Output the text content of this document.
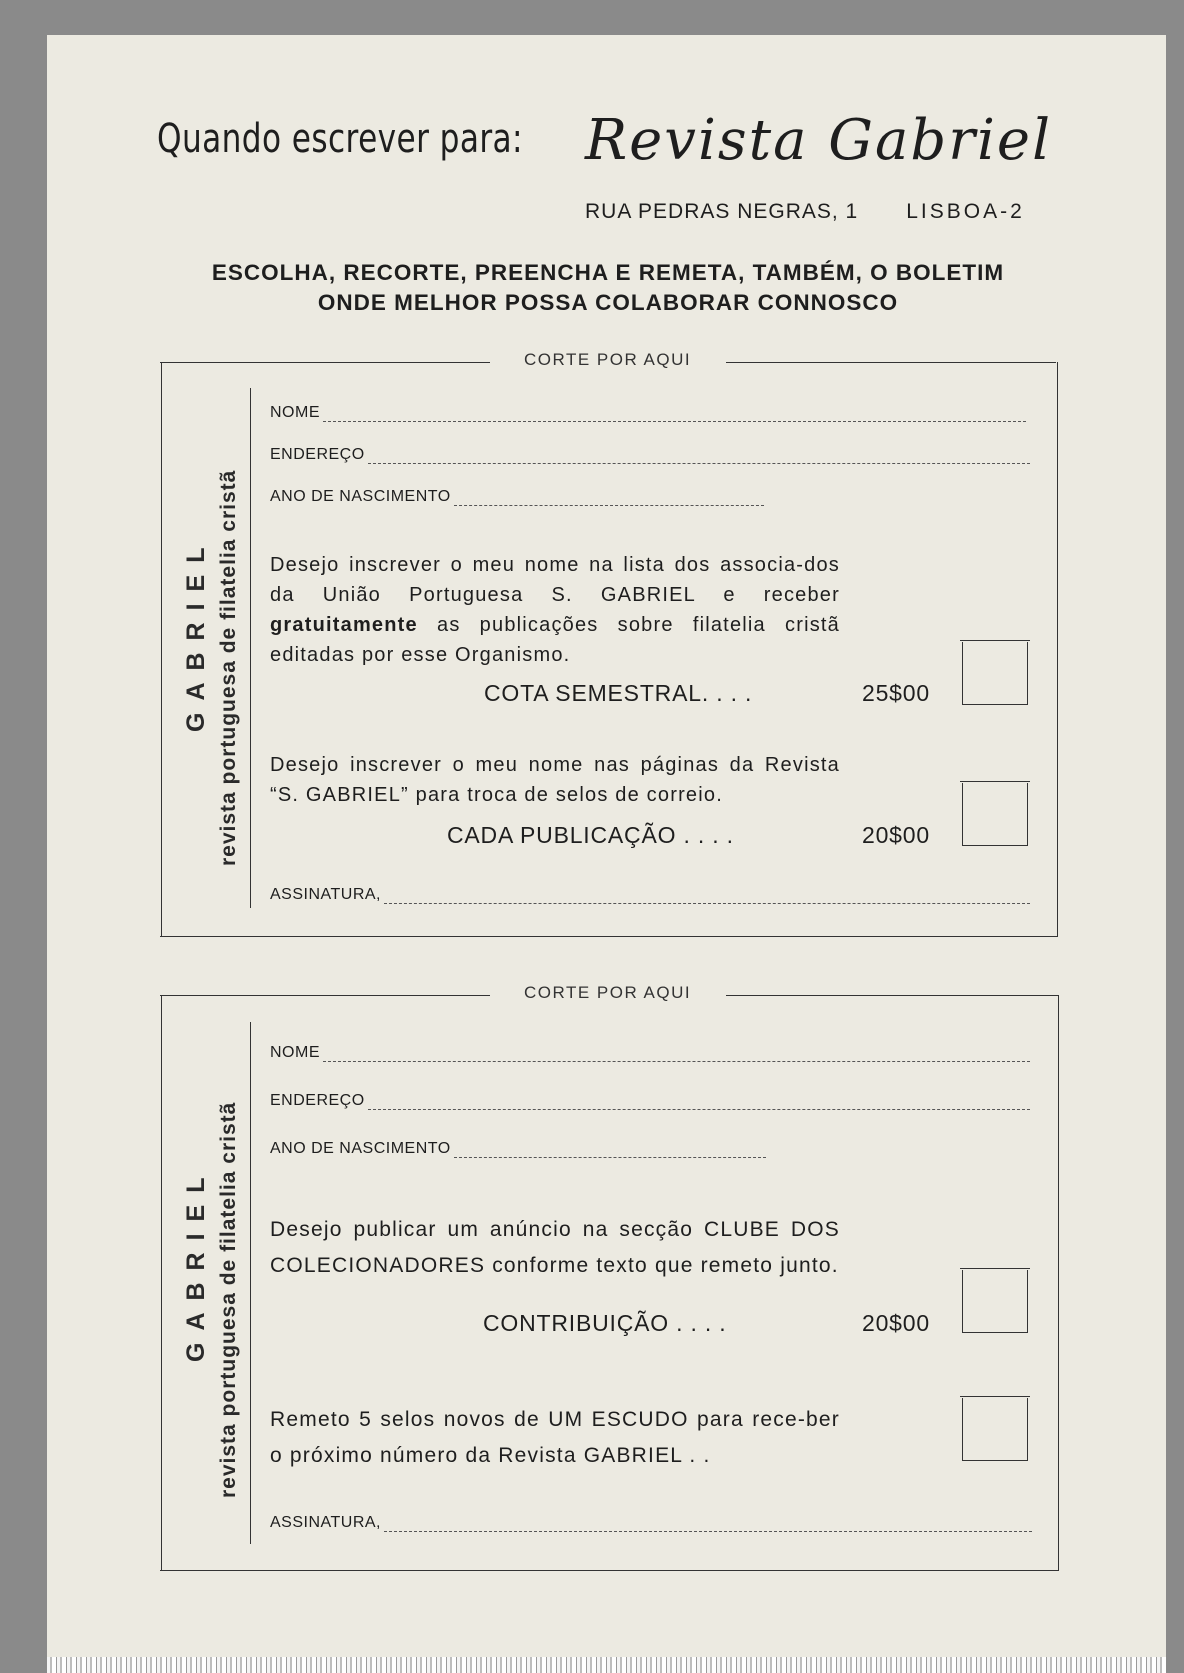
Quando escrever para: Revista Gabriel
RUA PEDRAS NEGRAS, 1 LISBOA-2
ESCOLHA, RECORTE, PREENCHA E REMETA, TAMBÉM, O BOLETIM
ONDE MELHOR POSSA COLABORAR CONNOSCO
CORTE POR AQUI
GABRIEL revista portuguesa de filatelia cristã
NOME
ENDEREÇO
ANO DE NASCIMENTO
Desejo inscrever o meu nome na lista dos associa-dos da União Portuguesa S. GABRIEL e receber gratuitamente as publicações sobre filatelia cristã editadas por esse Organismo.
COTA SEMESTRAL. . . .	25$00
Desejo inscrever o meu nome nas páginas da Revista “S. GABRIEL” para troca de selos de correio.
CADA PUBLICAÇÃO . . . .	20$00
ASSINATURA,
CORTE POR AQUI
GABRIEL revista portuguesa de filatelia cristã
NOME
ENDEREÇO
ANO DE NASCIMENTO
Desejo publicar um anúncio na secção CLUBE DOS COLECIONADORES conforme texto que remeto junto.
CONTRIBUIÇÃO . . . .	20$00
Remeto 5 selos novos de UM ESCUDO para rece-ber o próximo número da Revista GABRIEL . .
ASSINATURA,
